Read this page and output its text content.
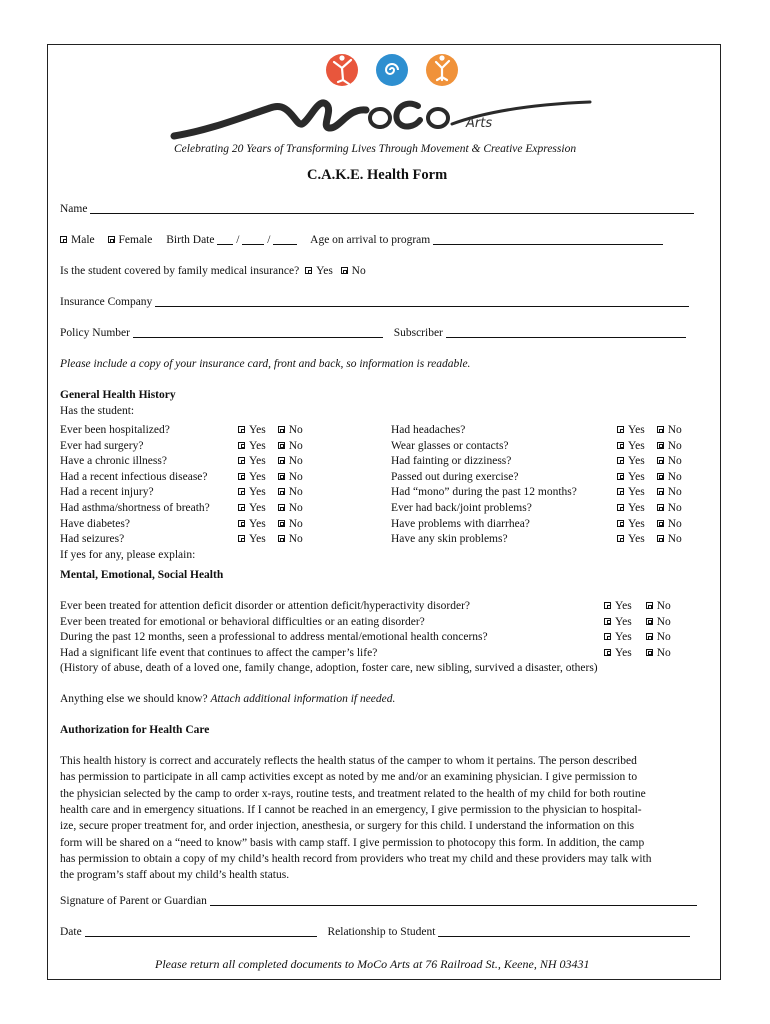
Arts
Celebrating 20 Years of Transforming Lives Through Movement & Creative Expression
C.A.K.E. Health Form
Name
Male Female Birth Date / /	Age on arrival to program
Is the student covered by family medical insurance? Yes No
Insurance Company
Policy Number	Subscriber
Please include a copy of your insurance card, front and back, so information is readable.
General Health History
Has the student:
Ever been hospitalized?	Yes No
Ever had surgery?	Yes No
Have a chronic illness?	Yes No
Had a recent infectious disease?	Yes No
Had a recent injury?	Yes No
Had asthma/shortness of breath?	Yes No
Have diabetes?	Yes No
Had seizures?	Yes No
Had headaches?	Yes No
Wear glasses or contacts?	Yes No
Had fainting or dizziness?	Yes No
Passed out during exercise?	Yes No
Had “mono” during the past 12 months?	Yes No
Ever had back/joint problems?	Yes No
Have problems with diarrhea?	Yes No
Have any skin problems?	Yes No
If yes for any, please explain:
Mental, Emotional, Social Health
Ever been treated for attention deficit disorder or attention deficit/hyperactivity disorder?	Yes No
Ever been treated for emotional or behavioral difficulties or an eating disorder?	Yes No
During the past 12 months, seen a professional to address mental/emotional health concerns?	Yes No
Had a significant life event that continues to affect the camper’s life?	Yes No
(History of abuse, death of a loved one, family change, adoption, foster care, new sibling, survived a disaster, others)
Anything else we should know? Attach additional information if needed.
Authorization for Health Care
This health history is correct and accurately reflects the health status of the camper to whom it pertains. The person described
has permission to participate in all camp activities except as noted by me and/or an examining physician. I give permission to
the physician selected by the camp to order x-rays, routine tests, and treatment related to the health of my child for both routine
health care and in emergency situations. If I cannot be reached in an emergency, I give permission to the physician to hospital-
ize, secure proper treatment for, and order injection, anesthesia, or surgery for this child. I understand the information on this
form will be shared on a “need to know” basis with camp staff. I give permission to photocopy this form. In addition, the camp
has permission to obtain a copy of my child’s health record from providers who treat my child and these providers may talk with
the program’s staff about my child’s health status.
Signature of Parent or Guardian
Date	Relationship to Student
Please return all completed documents to MoCo Arts at 76 Railroad St., Keene, NH 03431
